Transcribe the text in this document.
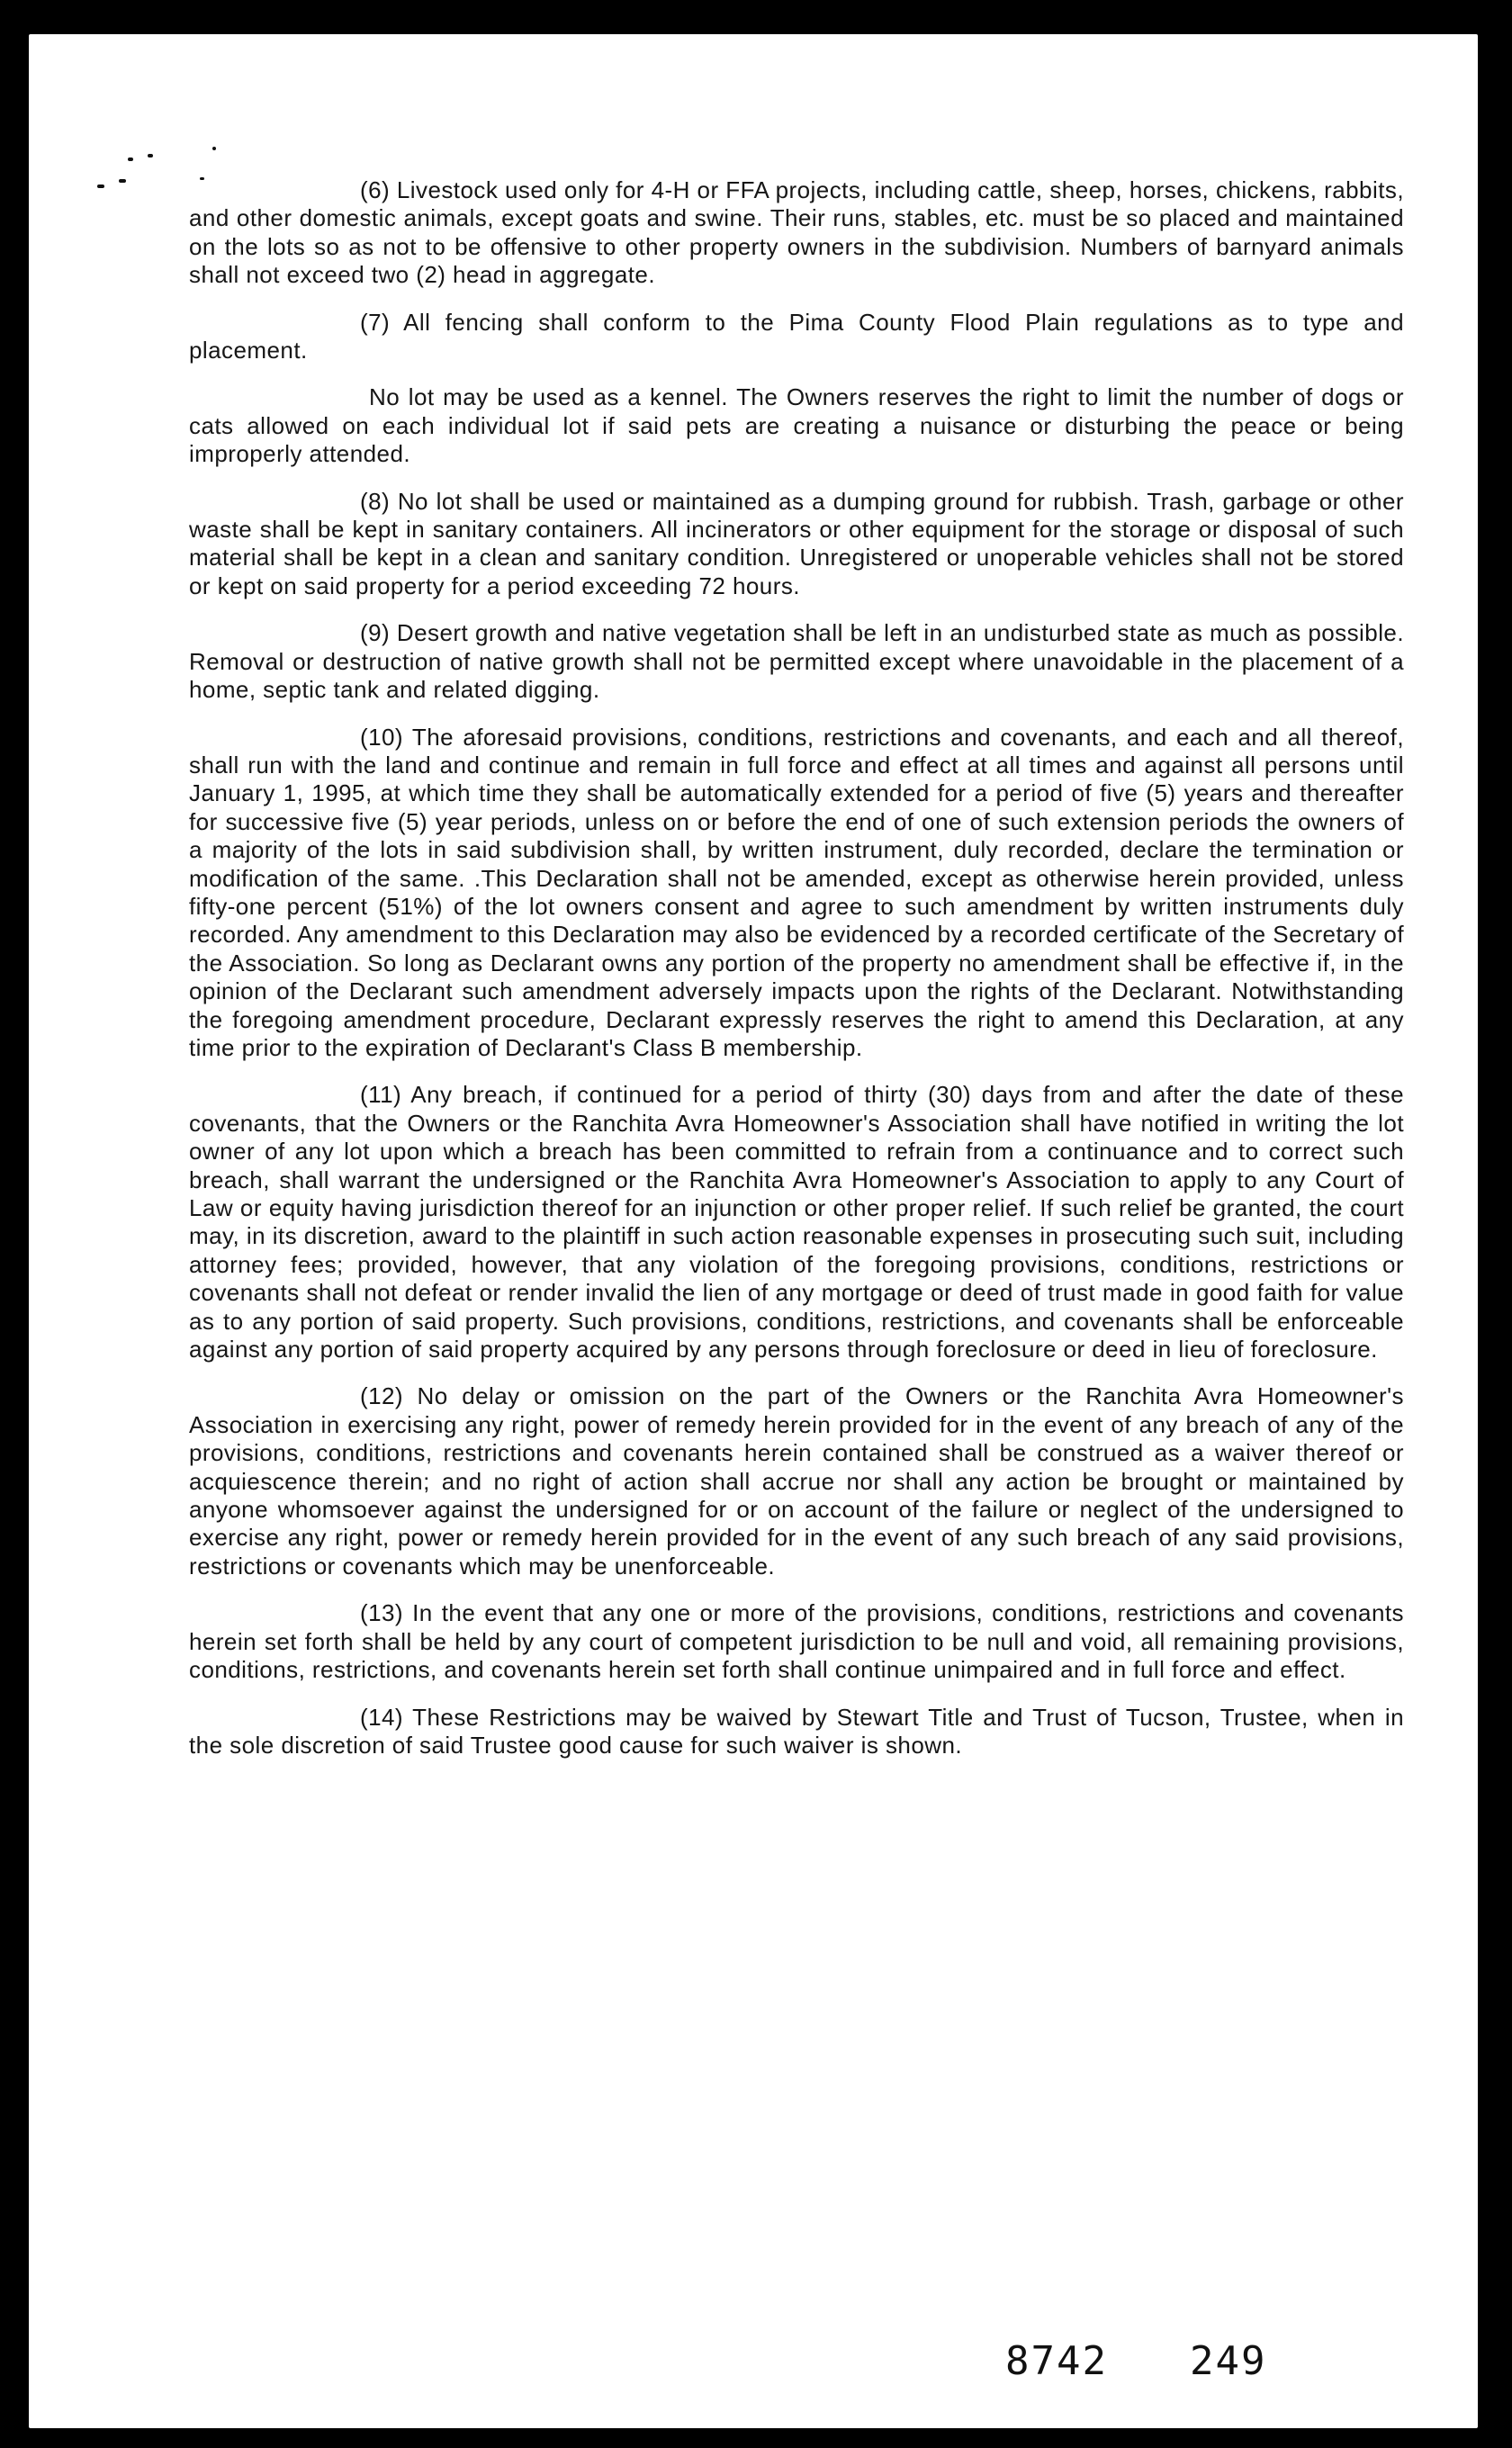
(6) Livestock used only for 4-H or FFA projects, including cattle, sheep, horses, chickens, rabbits, and other domestic animals, except goats and swine. Their runs, stables, etc. must be so placed and maintained on the lots so as not to be offensive to other property owners in the subdivision. Numbers of barnyard animals shall not exceed two (2) head in aggregate.

(7) All fencing shall conform to the Pima County Flood Plain regulations as to type and placement.

No lot may be used as a kennel. The Owners reserves the right to limit the number of dogs or cats allowed on each individual lot if said pets are creating a nuisance or disturbing the peace or being improperly attended.

(8) No lot shall be used or maintained as a dumping ground for rubbish. Trash, garbage or other waste shall be kept in sanitary containers. All incinerators or other equipment for the storage or disposal of such material shall be kept in a clean and sanitary condition. Unregistered or unoperable vehicles shall not be stored or kept on said property for a period exceeding 72 hours.

(9) Desert growth and native vegetation shall be left in an undisturbed state as much as possible. Removal or destruction of native growth shall not be permitted except where unavoidable in the placement of a home, septic tank and related digging.

(10) The aforesaid provisions, conditions, restrictions and covenants, and each and all thereof, shall run with the land and continue and remain in full force and effect at all times and against all persons until January 1, 1995, at which time they shall be automatically extended for a period of five (5) years and thereafter for successive five (5) year periods, unless on or before the end of one of such extension periods the owners of a majority of the lots in said subdivision shall, by written instrument, duly recorded, declare the termination or modification of the same. .This Declaration shall not be amended, except as otherwise herein provided, unless fifty-one percent (51%) of the lot owners consent and agree to such amendment by written instruments duly recorded. Any amendment to this Declaration may also be evidenced by a recorded certificate of the Secretary of the Association. So long as Declarant owns any portion of the property no amendment shall be effective if, in the opinion of the Declarant such amendment adversely impacts upon the rights of the Declarant. Notwithstanding the foregoing amendment procedure, Declarant expressly reserves the right to amend this Declaration, at any time prior to the expiration of Declarant's Class B membership.

(11) Any breach, if continued for a period of thirty (30) days from and after the date of these covenants, that the Owners or the Ranchita Avra Homeowner's Association shall have notified in writing the lot owner of any lot upon which a breach has been committed to refrain from a continuance and to correct such breach, shall warrant the undersigned or the Ranchita Avra Homeowner's Association to apply to any Court of Law or equity having jurisdiction thereof for an injunction or other proper relief. If such relief be granted, the court may, in its discretion, award to the plaintiff in such action reasonable expenses in prosecuting such suit, including attorney fees; provided, however, that any violation of the foregoing provisions, conditions, restrictions or covenants shall not defeat or render invalid the lien of any mortgage or deed of trust made in good faith for value as to any portion of said property. Such provisions, conditions, restrictions, and covenants shall be enforceable against any portion of said property acquired by any persons through foreclosure or deed in lieu of foreclosure.

(12) No delay or omission on the part of the Owners or the Ranchita Avra Homeowner's Association in exercising any right, power of remedy herein provided for in the event of any breach of any of the provisions, conditions, restrictions and covenants herein contained shall be construed as a waiver thereof or acquiescence therein; and no right of action shall accrue nor shall any action be brought or maintained by anyone whomsoever against the undersigned for or on account of the failure or neglect of the undersigned to exercise any right, power or remedy herein provided for in the event of any such breach of any said provisions, restrictions or covenants which may be unenforceable.

(13) In the event that any one or more of the provisions, conditions, restrictions and covenants herein set forth shall be held by any court of competent jurisdiction to be null and void, all remaining provisions, conditions, restrictions, and covenants herein set forth shall continue unimpaired and in full force and effect.

(14) These Restrictions may be waived by Stewart Title and Trust of Tucson, Trustee, when in the sole discretion of said Trustee good cause for such waiver is shown.

8742 249
